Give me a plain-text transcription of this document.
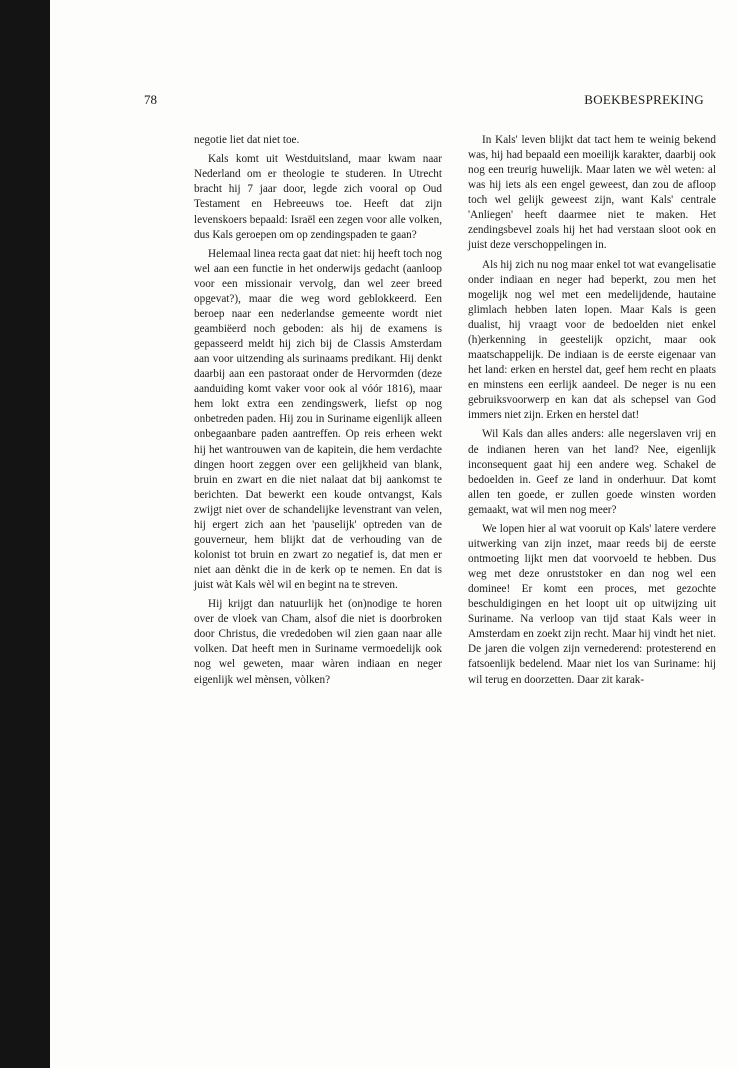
78	BOEKBESPREKING

negotie liet dat niet toe.

Kals komt uit Westduitsland, maar kwam naar Nederland om er theologie te studeren. In Utrecht bracht hij 7 jaar door, legde zich vooral op Oud Testament en Hebreeuws toe. Heeft dat zijn levenskoers bepaald: Israël een zegen voor alle volken, dus Kals geroepen om op zendingspaden te gaan?

Helemaal linea recta gaat dat niet: hij heeft toch nog wel aan een functie in het onderwijs gedacht (aanloop voor een missionair vervolg, dan wel zeer breed opgevat?), maar die weg word geblokkeerd. Een beroep naar een nederlandse gemeente wordt niet geambiëerd noch geboden: als hij de examens is gepasseerd meldt hij zich bij de Classis Amsterdam aan voor uitzending als surinaams predikant. Hij denkt daarbij aan een pastoraat onder de Hervormden (deze aanduiding komt vaker voor ook al vóór 1816), maar hem lokt extra een zendingswerk, liefst op nog onbetreden paden. Hij zou in Suriname eigenlijk alleen onbegaanbare paden aantreffen. Op reis erheen wekt hij het wantrouwen van de kapitein, die hem verdachte dingen hoort zeggen over een gelijkheid van blank, bruin en zwart en die niet nalaat dat bij aankomst te berichten. Dat bewerkt een koude ontvangst, Kals zwijgt niet over de schandelijke levenstrant van velen, hij ergert zich aan het 'pauselijk' optreden van de gouverneur, hem blijkt dat de verhouding van de kolonist tot bruin en zwart zo negatief is, dat men er niet aan dènkt die in de kerk op te nemen. En dat is juist wàt Kals wèl wil en begint na te streven.

Hij krijgt dan natuurlijk het (on)nodige te horen over de vloek van Cham, alsof die niet is doorbroken door Christus, die vrededoben wil zien gaan naar alle volken. Dat heeft men in Suriname vermoedelijk ook nog wel geweten, maar wàren indiaan en neger eigenlijk wel mènsen, vòlken?

In Kals' leven blijkt dat tact hem te weinig bekend was, hij had bepaald een moeilijk karakter, daarbij ook nog een treurig huwelijk. Maar laten we wèl weten: al was hij iets als een engel geweest, dan zou de afloop toch wel gelijk geweest zijn, want Kals' centrale 'Anliegen' heeft daarmee niet te maken. Het zendingsbevel zoals hij het had verstaan sloot ook en juist deze verschoppelingen in.

Als hij zich nu nog maar enkel tot wat evangelisatie onder indiaan en neger had beperkt, zou men het mogelijk nog wel met een medelijdende, hautaine glimlach hebben laten lopen. Maar Kals is geen dualist, hij vraagt voor de bedoelden niet enkel (h)erkenning in geestelijk opzicht, maar ook maatschappelijk. De indiaan is de eerste eigenaar van het land: erken en herstel dat, geef hem recht en plaats en minstens een eerlijk aandeel. De neger is nu een gebruiksvoorwerp en kan dat als schepsel van God immers niet zijn. Erken en herstel dat!

Wil Kals dan alles anders: alle negerslaven vrij en de indianen heren van het land? Nee, eigenlijk inconsequent gaat hij een andere weg. Schakel de bedoelden in. Geef ze land in onderhuur. Dat komt allen ten goede, er zullen goede winsten worden gemaakt, wat wil men nog meer?

We lopen hier al wat vooruit op Kals' latere verdere uitwerking van zijn inzet, maar reeds bij de eerste ontmoeting lijkt men dat voorvoeld te hebben. Dus weg met deze onruststoker en dan nog wel een dominee! Er komt een proces, met gezochte beschuldigingen en het loopt uit op uitwijzing uit Suriname. Na verloop van tijd staat Kals weer in Amsterdam en zoekt zijn recht. Maar hij vindt het niet. De jaren die volgen zijn vernederend: protesterend en fatsoenlijk bedelend. Maar niet los van Suriname: hij wil terug en doorzetten. Daar zit karak-
